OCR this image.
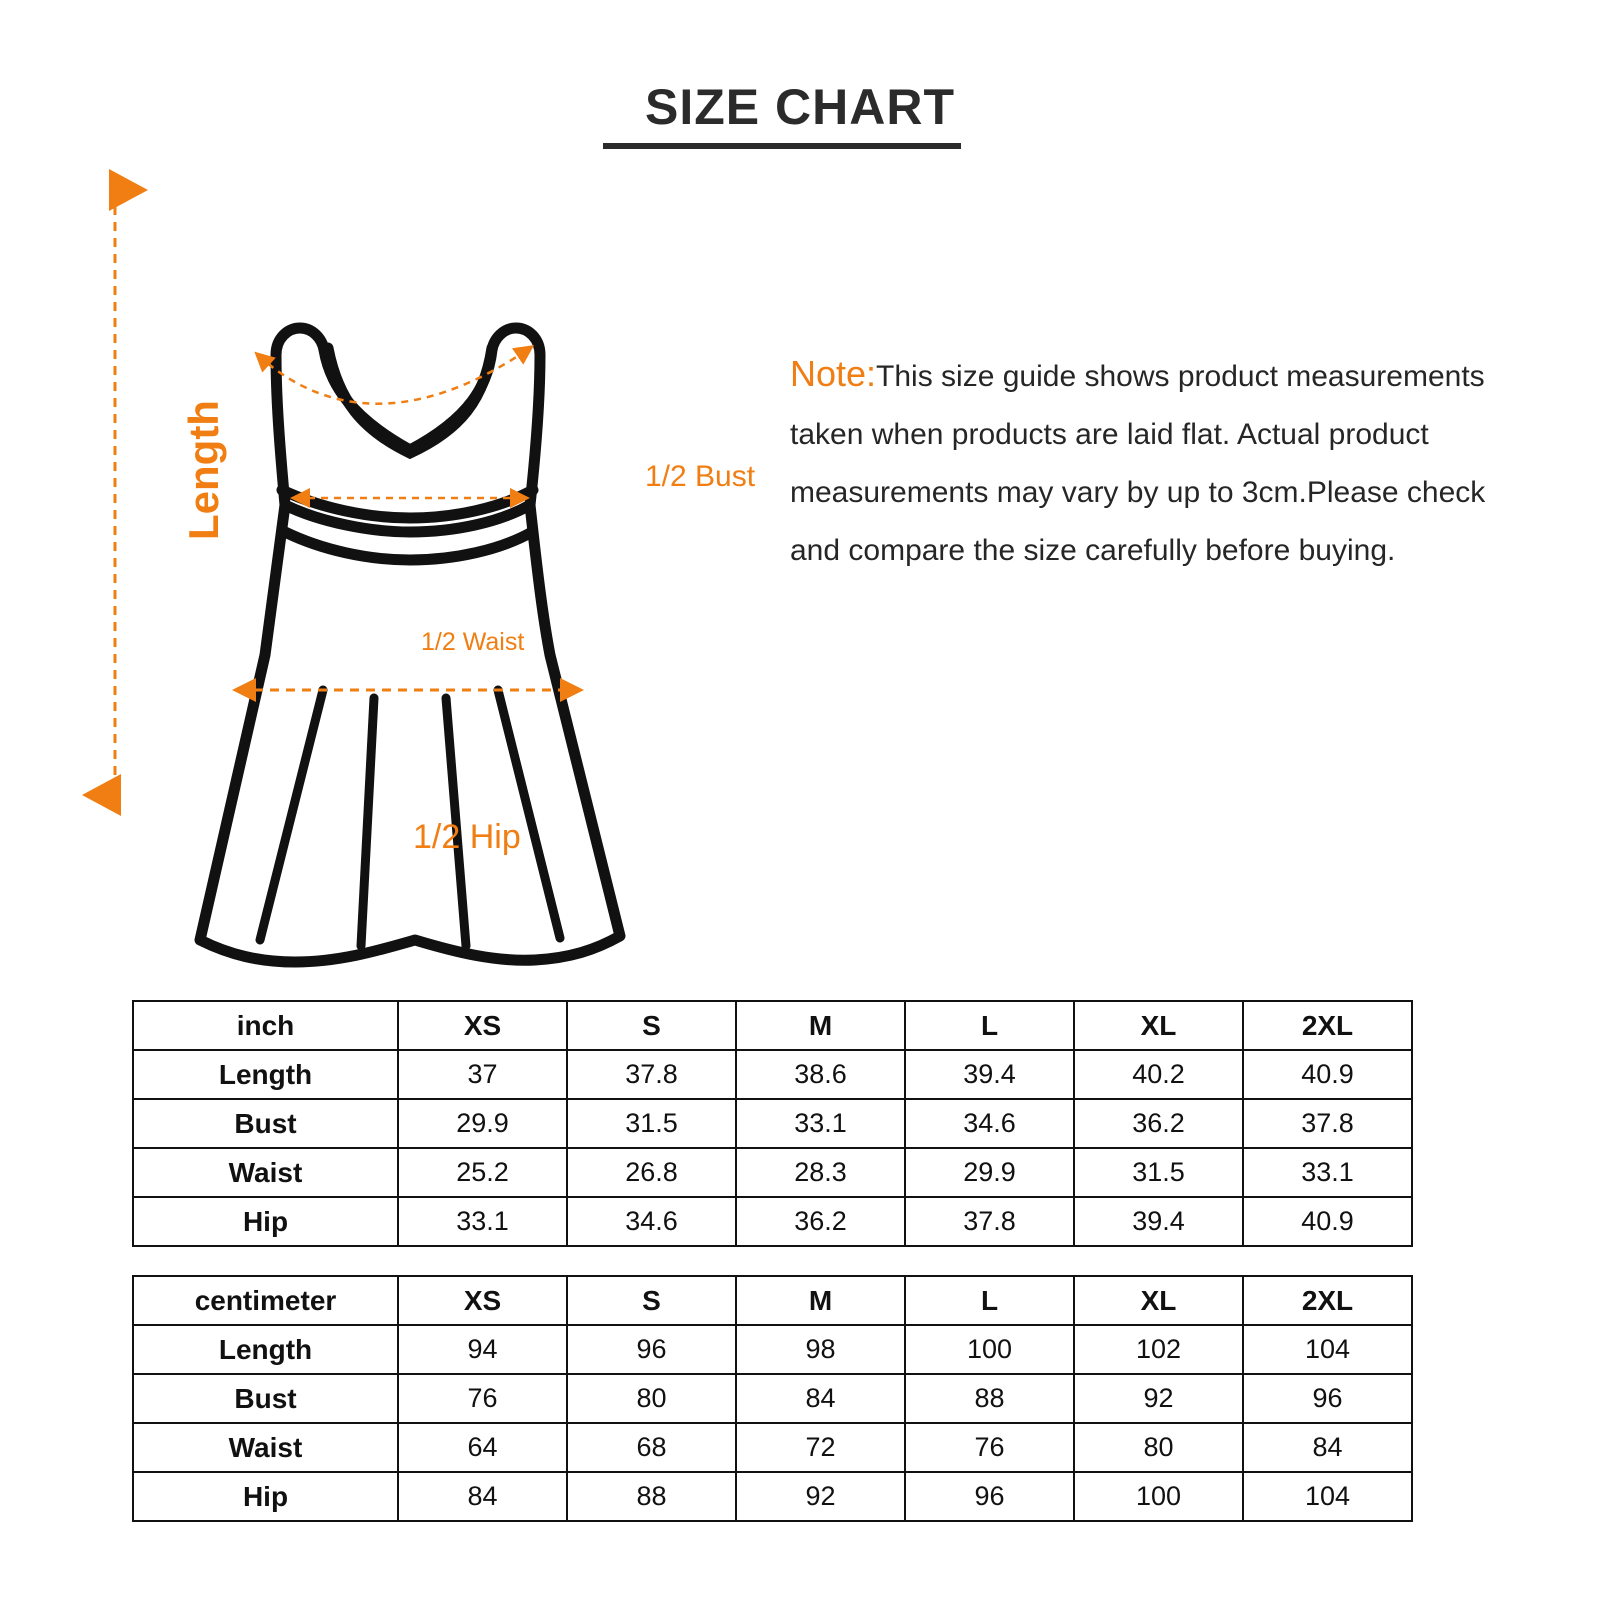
SIZE CHART
Note:This size guide shows product measurements taken when products are laid flat. Actual product measurements may vary by up to 3cm.Please check and compare the size carefully before buying.
1/2 Bust
1/2 Waist
1/2 Hip
Length
inch	XS	S	M	L	XL	2XL
Length	37	37.8	38.6	39.4	40.2	40.9
Bust	29.9	31.5	33.1	34.6	36.2	37.8
Waist	25.2	26.8	28.3	29.9	31.5	33.1
Hip	33.1	34.6	36.2	37.8	39.4	40.9
centimeter	XS	S	M	L	XL	2XL
Length	94	96	98	100	102	104
Bust	76	80	84	88	92	96
Waist	64	68	72	76	80	84
Hip	84	88	92	96	100	104
